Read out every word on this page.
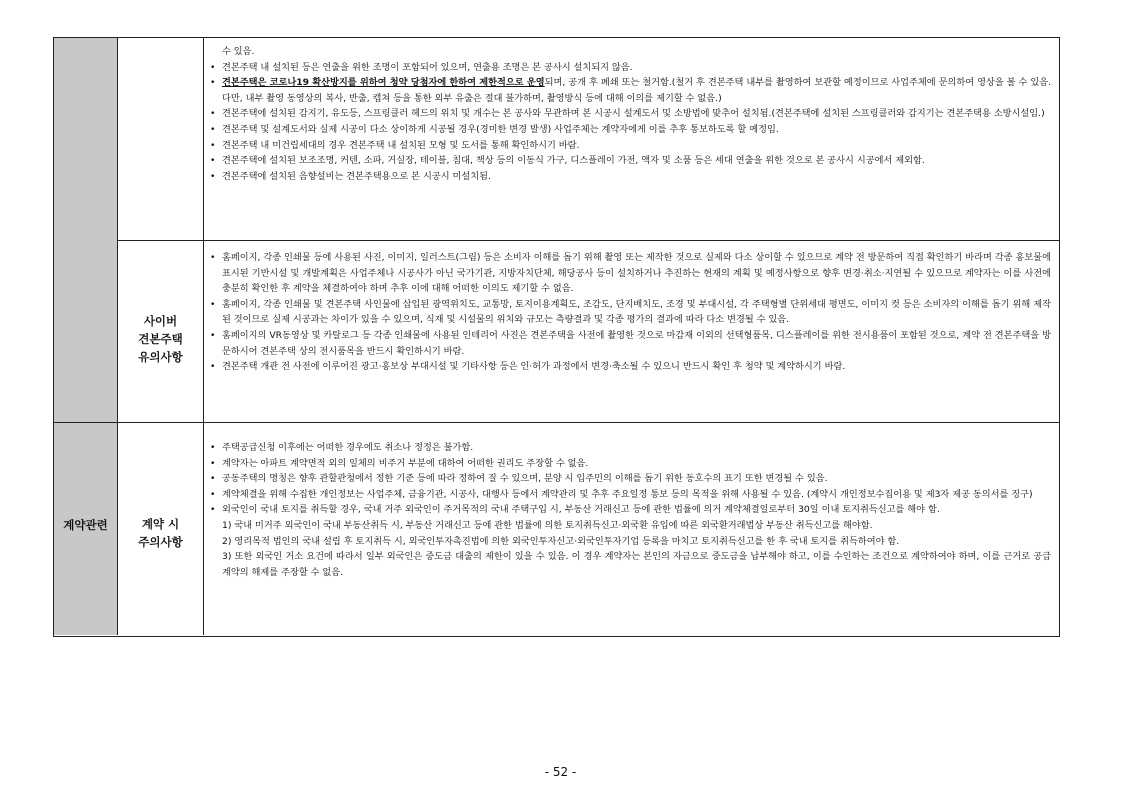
계약관련
사이버
견본주택
유의사항
계약 시
주의사항
수 있음.
• 견본주택 내 설치된 등은 연출을 위한 조명이 포함되어 있으며, 연출용 조명은 본 공사시 설치되지 않음.
• 견본주택은 코로나19 확산방지를 위하여 청약 당첨자에 한하여 제한적으로 운영되며, 공개 후 폐쇄 또는 철거함.(철거 후 견본주택 내부를 촬영하여 보관할 예정이므로 사업주체에 문의하여 영상을 볼 수 있음. 다만, 내부 촬영 동영상의 복사, 반출, 캡쳐 등을 통한 외부 유출은 절대 불가하며, 촬영방식 등에 대해 이의를 제기할 수 없음.)
• 견본주택에 설치된 감지기, 유도등, 스프링클러 헤드의 위치 및 개수는 본 공사와 무관하며 본 시공시 설계도서 및 소방법에 맞추어 설치됨.(견본주택에 설치된 스프링클러와 감지기는 견본주택용 소방시설임.)
• 견본주택 및 설계도서와 실제 시공이 다소 상이하게 시공될 경우(경미한 변경 발생) 사업주체는 계약자에게 이를 추후 통보하도록 할 예정임.
• 견본주택 내 미건립세대의 경우 견본주택 내 설치된 모형 및 도서를 통해 확인하시기 바람.
• 견본주택에 설치된 보조조명, 커텐, 소파, 거실장, 테이블, 침대, 책상 등의 이동식 가구, 디스플레이 가전, 액자 및 소품 등은 세대 연출을 위한 것으로 본 공사시 시공에서 제외함.
• 견본주택에 설치된 음향설비는 견본주택용으로 본 시공시 미설치됨.
• 홈페이지, 각종 인쇄물 등에 사용된 사진, 이미지, 일러스트(그림) 등은 소비자 이해를 돕기 위해 촬영 또는 제작한 것으로 실제와 다소 상이할 수 있으므로 계약 전 방문하여 직접 확인하기 바라며 각종 홍보물에 표시된 기반시설 및 개발계획은 사업주체나 시공사가 아닌 국가기관, 지방자치단체, 해당공사 등이 설치하거나 추진하는 현재의 계획 및 예정사항으로 향후 변경·취소·지연될 수 있으므로 계약자는 이를 사전에 충분히 확인한 후 계약을 체결하여야 하며 추후 이에 대해 어떠한 이의도 제기할 수 없음.
• 홈페이지, 각종 인쇄물 및 견본주택 사인물에 삽입된 광역위치도, 교통망, 토지이용계획도, 조감도, 단지배치도, 조경 및 부대시설, 각 주택형별 단위세대 평면도, 이미지 컷 등은 소비자의 이해를 돕기 위해 제작된 것이므로 실제 시공과는 차이가 있을 수 있으며, 식재 및 시설물의 위치와 규모는 측량결과 및 각종 평가의 결과에 따라 다소 변경될 수 있음.
• 홈페이지의 VR동영상 및 카탈로그 등 각종 인쇄물에 사용된 인테리어 사진은 견본주택을 사전에 촬영한 것으로 마감재 이외의 선택형품목, 디스플레이를 위한 전시용품이 포함된 것으로, 계약 전 견본주택을 방문하시어 견본주택 상의 전시품목을 반드시 확인하시기 바람.
• 견본주택 개관 전 사전에 이루어진 광고·홍보상 부대시설 및 기타사항 등은 인·허가 과정에서 변경·축소될 수 있으니 반드시 확인 후 청약 및 계약하시기 바람.
• 주택공급신청 이후에는 어떠한 경우에도 취소나 정정은 불가함.
• 계약자는 아파트 계약면적 외의 일체의 비주거 부분에 대하여 어떠한 권리도 주장할 수 없음.
• 공동주택의 명칭은 향후 관할관청에서 정한 기준 등에 따라 정하여 질 수 있으며, 분양 시 입주민의 이해를 돕기 위한 동호수의 표기 또한 변경될 수 있음.
• 계약체결을 위해 수집한 개인정보는 사업주체, 금융기관, 시공사, 대행사 등에서 계약관리 및 추후 주요일정 통보 등의 목적을 위해 사용될 수 있음. (계약시 개인정보수집이용 및 제3자 제공 동의서를 징구)
• 외국인이 국내 토지를 취득할 경우, 국내 거주 외국인이 주거목적의 국내 주택구입 시, 부동산 거래신고 등에 관한 법률에 의거 계약체결일로부터 30일 이내 토지취득신고를 해야 함.
1) 국내 미거주 외국인이 국내 부동산취득 시, 부동산 거래신고 등에 관한 법률에 의한 토지취득신고·외국환 유입에 따른 외국환거래법상 부동산 취득신고를 해야함.
2) 영리목적 법인의 국내 설립 후 토지취득 시, 외국인투자촉진법에 의한 외국인투자신고·외국인투자기업 등록을 마치고 토지취득신고를 한 후 국내 토지를 취득하여야 함.
3) 또한 외국인 거소 요건에 따라서 일부 외국인은 중도금 대출의 제한이 있을 수 있음. 이 경우 계약자는 본인의 자금으로 중도금을 납부해야 하고, 이를 수인하는 조건으로 계약하여야 하며, 이를 근거로 공급계약의 해제를 주장할 수 없음.
- 52 -
